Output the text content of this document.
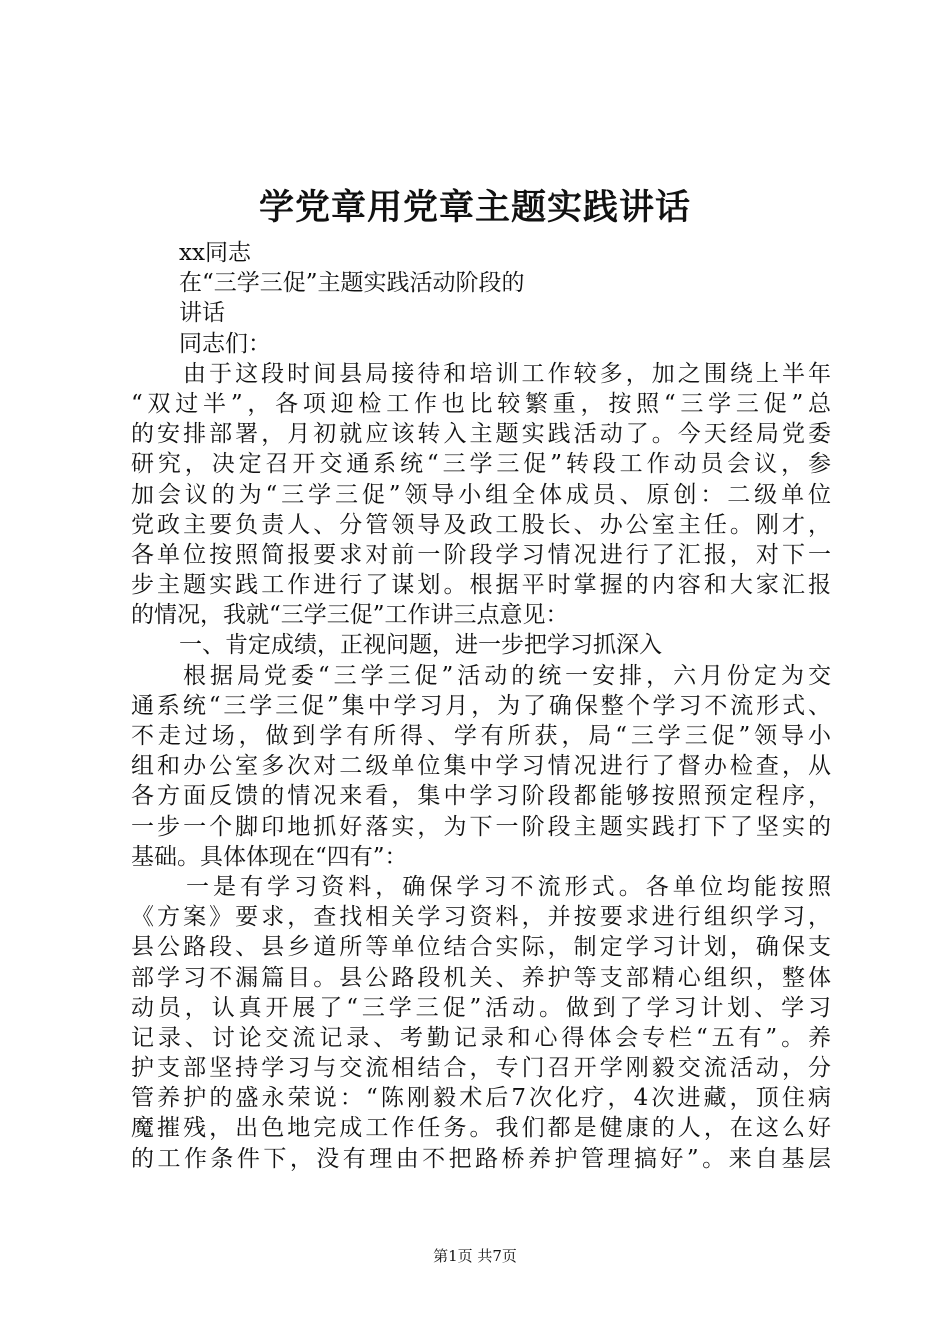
学党章用党章主题实践讲话
xx同志
在“三学三促”主题实践活动阶段的
讲话
同志们：
由于这段时间县局接待和培训工作较多，加之围绕上半年
“双过半”，各项迎检工作也比较繁重，按照“三学三促”总
的安排部署，月初就应该转入主题实践活动了。今天经局党委
研究，决定召开交通系统“三学三促”转段工作动员会议，参
加会议的为“三学三促”领导小组全体成员、原创：二级单位
党政主要负责人、分管领导及政工股长、办公室主任。刚才，
各单位按照简报要求对前一阶段学习情况进行了汇报，对下一
步主题实践工作进行了谋划。根据平时掌握的内容和大家汇报
的情况，我就“三学三促”工作讲三点意见：
一、肯定成绩，正视问题，进一步把学习抓深入
根据局党委“三学三促”活动的统一安排，六月份定为交
通系统“三学三促”集中学习月，为了确保整个学习不流形式、
不走过场，做到学有所得、学有所获，局“三学三促”领导小
组和办公室多次对二级单位集中学习情况进行了督办检查，从
各方面反馈的情况来看，集中学习阶段都能够按照预定程序，
一步一个脚印地抓好落实，为下一阶段主题实践打下了坚实的
基础。具体体现在“四有”：
一是有学习资料，确保学习不流形式。各单位均能按照
《方案》要求，查找相关学习资料，并按要求进行组织学习，
县公路段、县乡道所等单位结合实际，制定学习计划，确保支
部学习不漏篇目。县公路段机关、养护等支部精心组织，整体
动员，认真开展了“三学三促”活动。做到了学习计划、学习
记录、讨论交流记录、考勤记录和心得体会专栏“五有”。养
护支部坚持学习与交流相结合，专门召开学刚毅交流活动，分
管养护的盛永荣说：“陈刚毅术后7次化疗，4次进藏，顶住病
魔摧残，出色地完成工作任务。我们都是健康的人，在这么好
的工作条件下，没有理由不把路桥养护管理搞好”。来自基层
第1页 共7页
